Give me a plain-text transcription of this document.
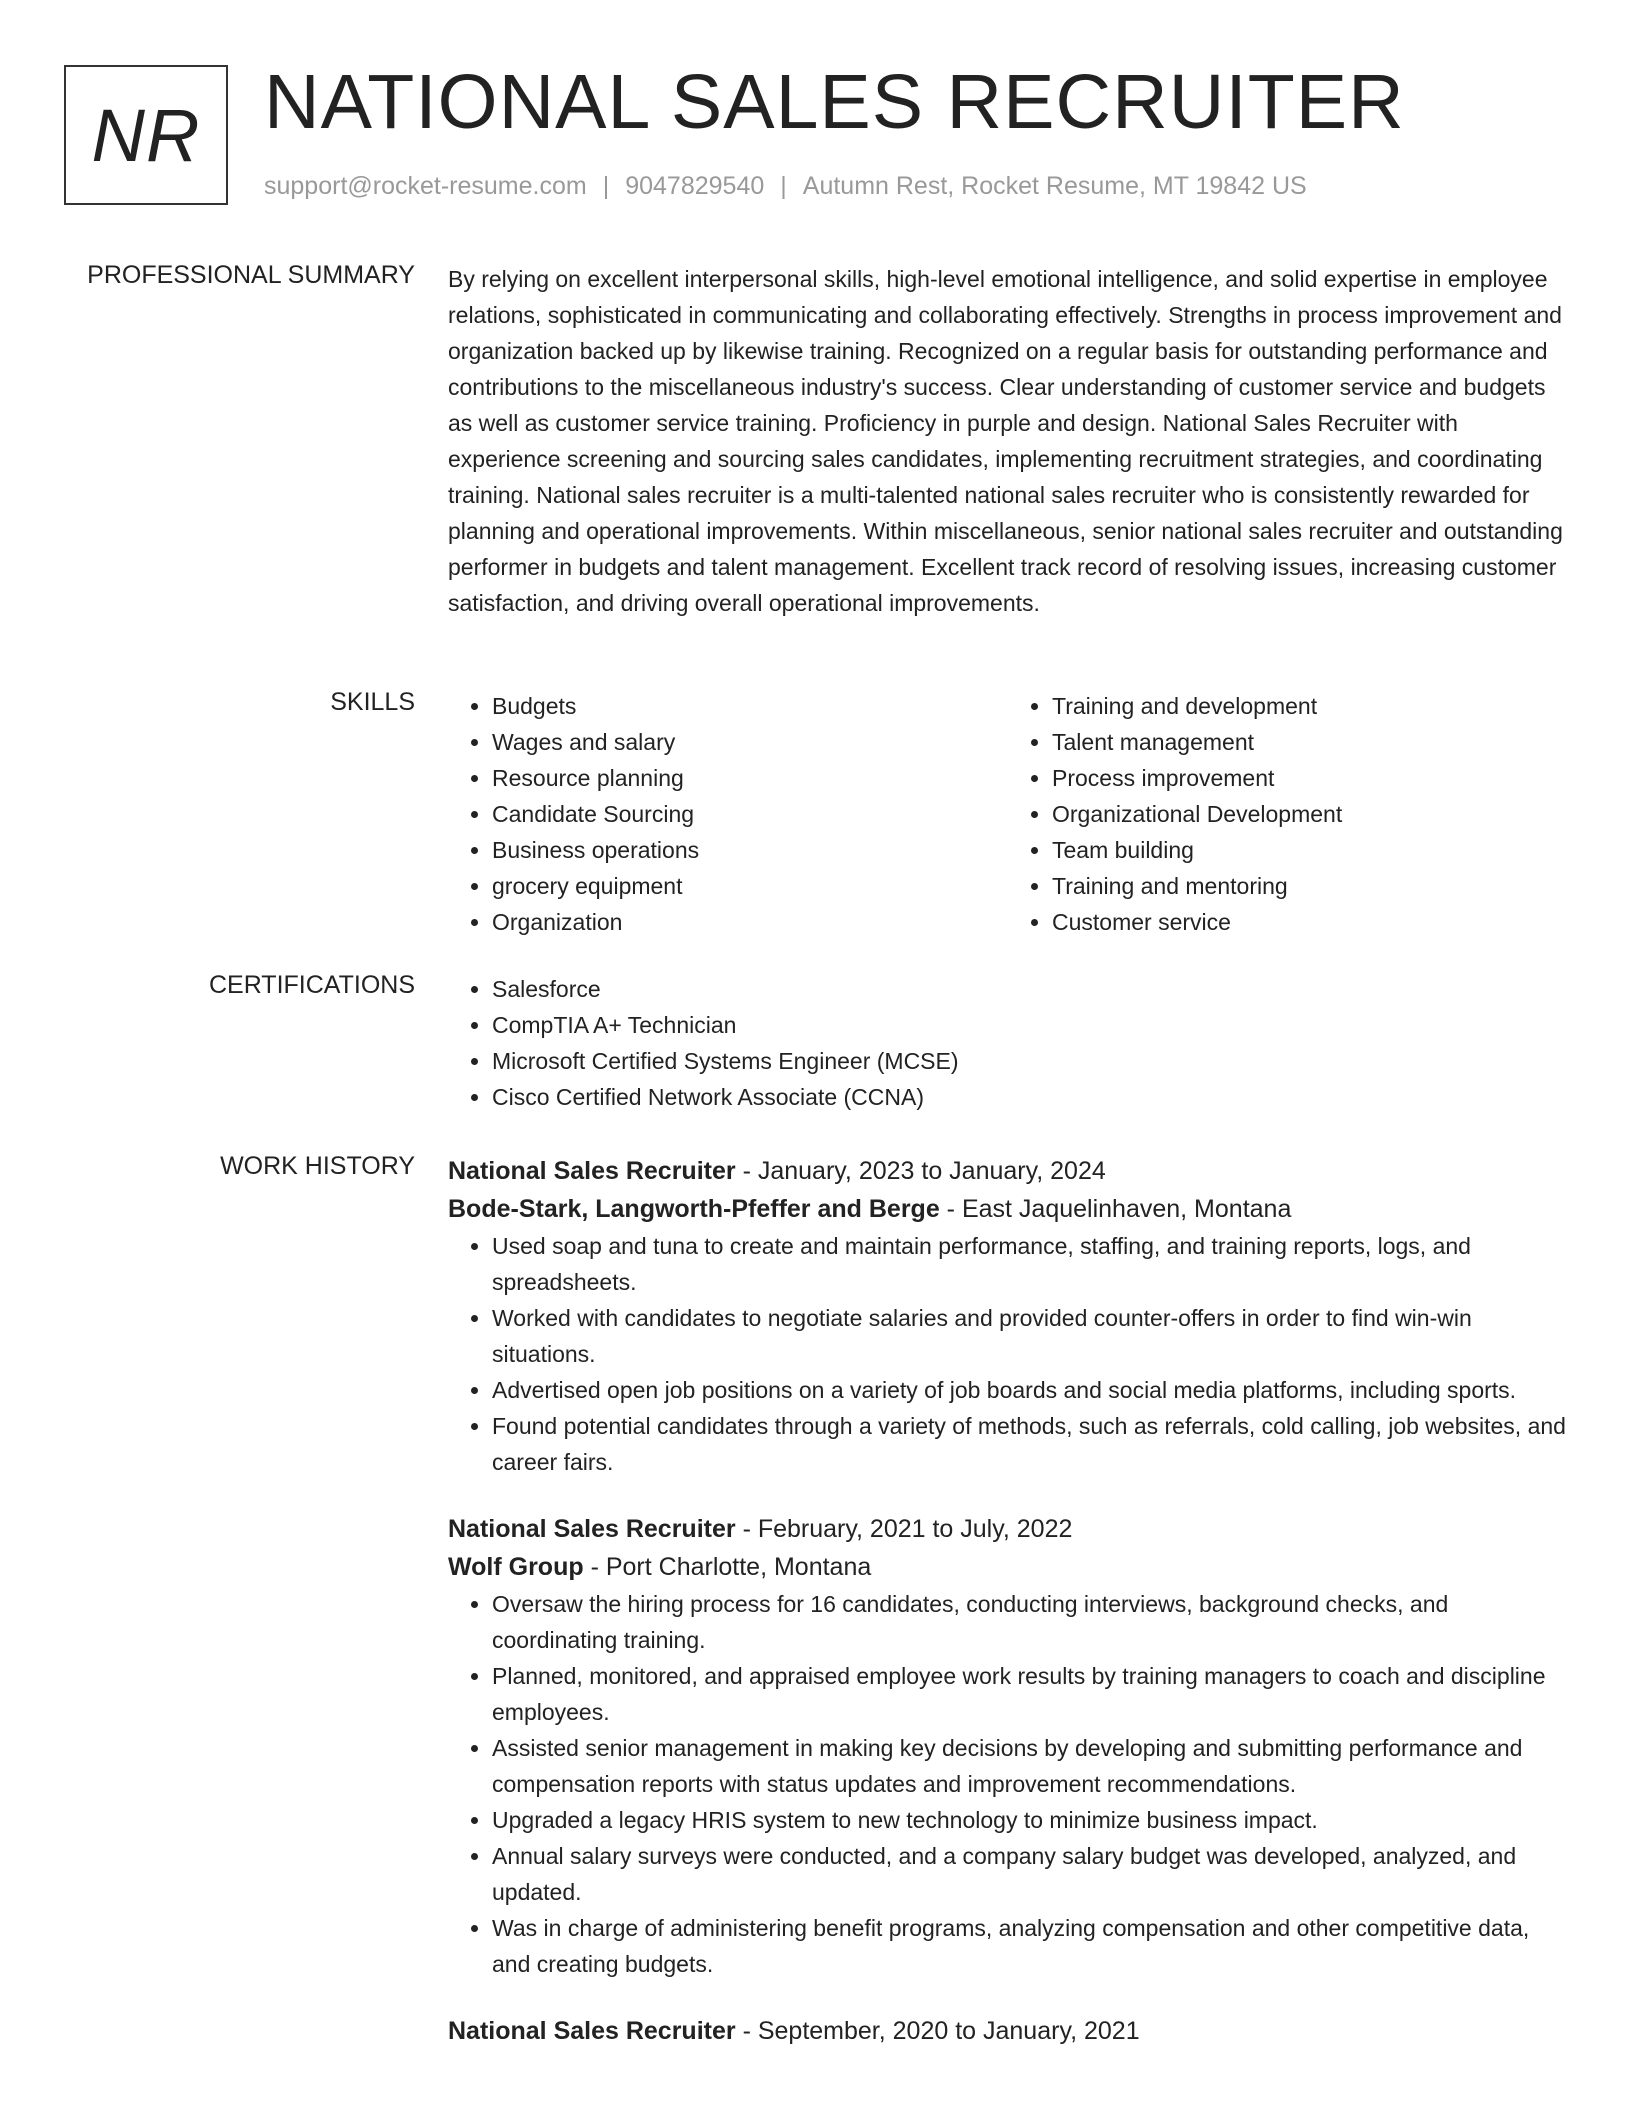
NR NATIONAL SALES RECRUITER
support@rocket-resume.com | 9047829540 | Autumn Rest, Rocket Resume, MT 19842 US
PROFESSIONAL SUMMARY By relying on excellent interpersonal skills, high-level emotional intelligence, and solid expertise in employee relations, sophisticated in communicating and collaborating effectively. Strengths in process improvement and organization backed up by likewise training. Recognized on a regular basis for outstanding performance and contributions to the miscellaneous industry's success. Clear understanding of customer service and budgets as well as customer service training. Proficiency in purple and design. National Sales Recruiter with experience screening and sourcing sales candidates, implementing recruitment strategies, and coordinating training. National sales recruiter is a multi-talented national sales recruiter who is consistently rewarded for planning and operational improvements. Within miscellaneous, senior national sales recruiter and outstanding performer in budgets and talent management. Excellent track record of resolving issues, increasing customer satisfaction, and driving overall operational improvements.
SKILLS	• Budgets
• Wages and salary
• Resource planning
• Candidate Sourcing
• Business operations
• grocery equipment
• Organization
• Training and development
• Talent management
• Process improvement
• Organizational Development
• Team building
• Training and mentoring
• Customer service
CERTIFICATIONS	• Salesforce
• CompTIA A+ Technician
• Microsoft Certified Systems Engineer (MCSE)
• Cisco Certified Network Associate (CCNA)
WORK HISTORY National Sales Recruiter - January, 2023 to January, 2024
Bode-Stark, Langworth-Pfeffer and Berge - East Jaquelinhaven, Montana
• Used soap and tuna to create and maintain performance, staffing, and training reports, logs, and spreadsheets.
• Worked with candidates to negotiate salaries and provided counter-offers in order to find win-win situations.
• Advertised open job positions on a variety of job boards and social media platforms, including sports.
• Found potential candidates through a variety of methods, such as referrals, cold calling, job websites, and career fairs.
National Sales Recruiter - February, 2021 to July, 2022
Wolf Group - Port Charlotte, Montana
• Oversaw the hiring process for 16 candidates, conducting interviews, background checks, and coordinating training.
• Planned, monitored, and appraised employee work results by training managers to coach and discipline employees.
• Assisted senior management in making key decisions by developing and submitting performance and compensation reports with status updates and improvement recommendations.
• Upgraded a legacy HRIS system to new technology to minimize business impact.
• Annual salary surveys were conducted, and a company salary budget was developed, analyzed, and updated.
• Was in charge of administering benefit programs, analyzing compensation and other competitive data, and creating budgets.
National Sales Recruiter - September, 2020 to January, 2021
